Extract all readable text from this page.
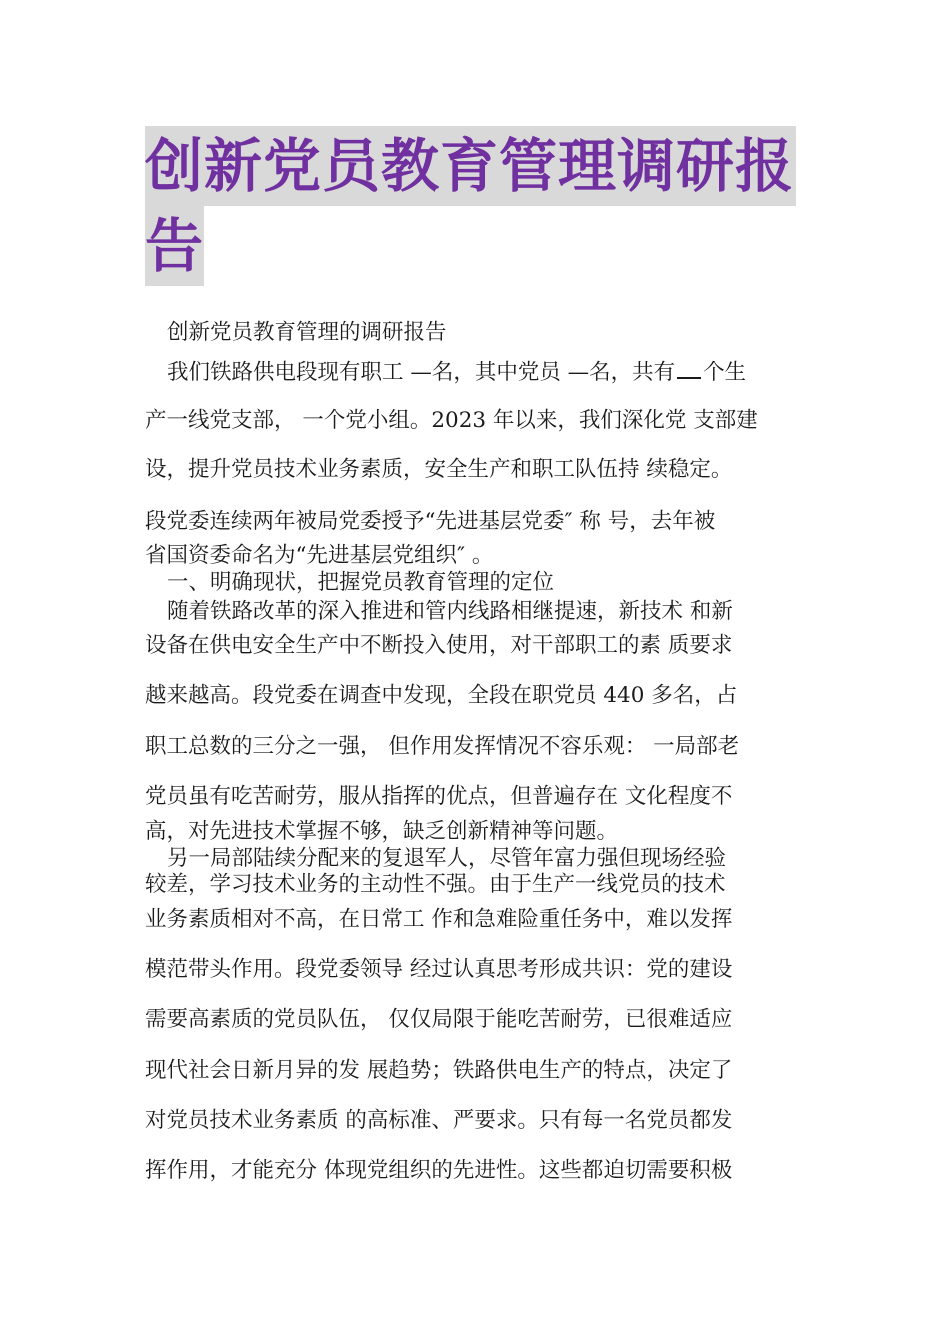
创新党员教育管理调研报
告
创新党员教育管理的调研报告
我们铁路供电段现有职工 —名，其中党员 —名，共有 个生
产一线党支部， 一个党小组。2023 年以来，我们深化党 支部建
设，提升党员技术业务素质，安全生产和职工队伍持 续稳定。
段党委连续两年被局党委授予“先进基层党委″ 称 号，去年被
省国资委命名为“先进基层党组织″ 。
一、明确现状，把握党员教育管理的定位
随着铁路改革的深入推进和管内线路相继提速，新技术 和新
设备在供电安全生产中不断投入使用，对干部职工的素 质要求
越来越高。段党委在调查中发现，全段在职党员 440 多名，占
职工总数的三分之一强， 但作用发挥情况不容乐观： 一局部老
党员虽有吃苦耐劳，服从指挥的优点，但普遍存在 文化程度不
高，对先进技术掌握不够，缺乏创新精神等问题。
另一局部陆续分配来的复退军人，尽管年富力强但现场经验
较差，学习技术业务的主动性不强。由于生产一线党员的技术
业务素质相对不高，在日常工 作和急难险重任务中，难以发挥
模范带头作用。段党委领导 经过认真思考形成共识：党的建设
需要高素质的党员队伍， 仅仅局限于能吃苦耐劳，已很难适应
现代社会日新月异的发 展趋势；铁路供电生产的特点，决定了
对党员技术业务素质 的高标准、严要求。只有每一名党员都发
挥作用，才能充分 体现党组织的先进性。这些都迫切需要积极
